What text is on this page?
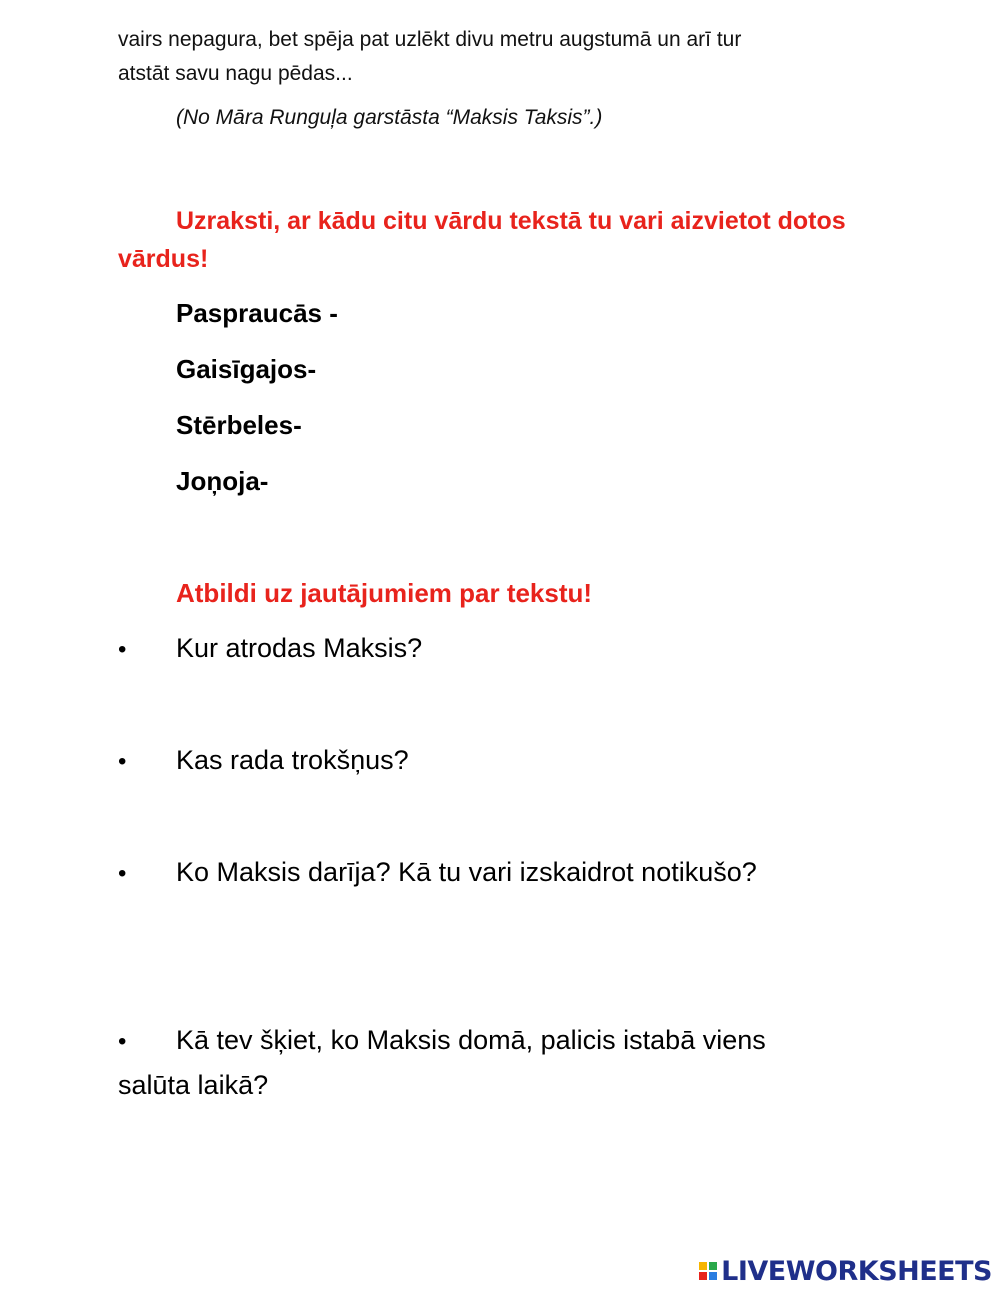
vairs nepagura, bet spēja pat uzlēkt divu metru augstumā un arī tur
atstāt savu nagu pēdas...
(No Māra Runguļa garstāsta “Maksis Taksis”.)
Uzraksti, ar kādu citu vārdu tekstā tu vari aizvietot dotos
vārdus!
Paspraucās -
Gaisīgajos-
Stērbeles-
Joņoja-
Atbildi uz jautājumiem par tekstu!
• Kur atrodas Maksis?
• Kas rada trokšņus?
• Ko Maksis darīja? Kā tu vari izskaidrot notikušo?
• Kā tev šķiet, ko Maksis domā, palicis istabā viens
salūta laikā?
LIVEWORKSHEETS
